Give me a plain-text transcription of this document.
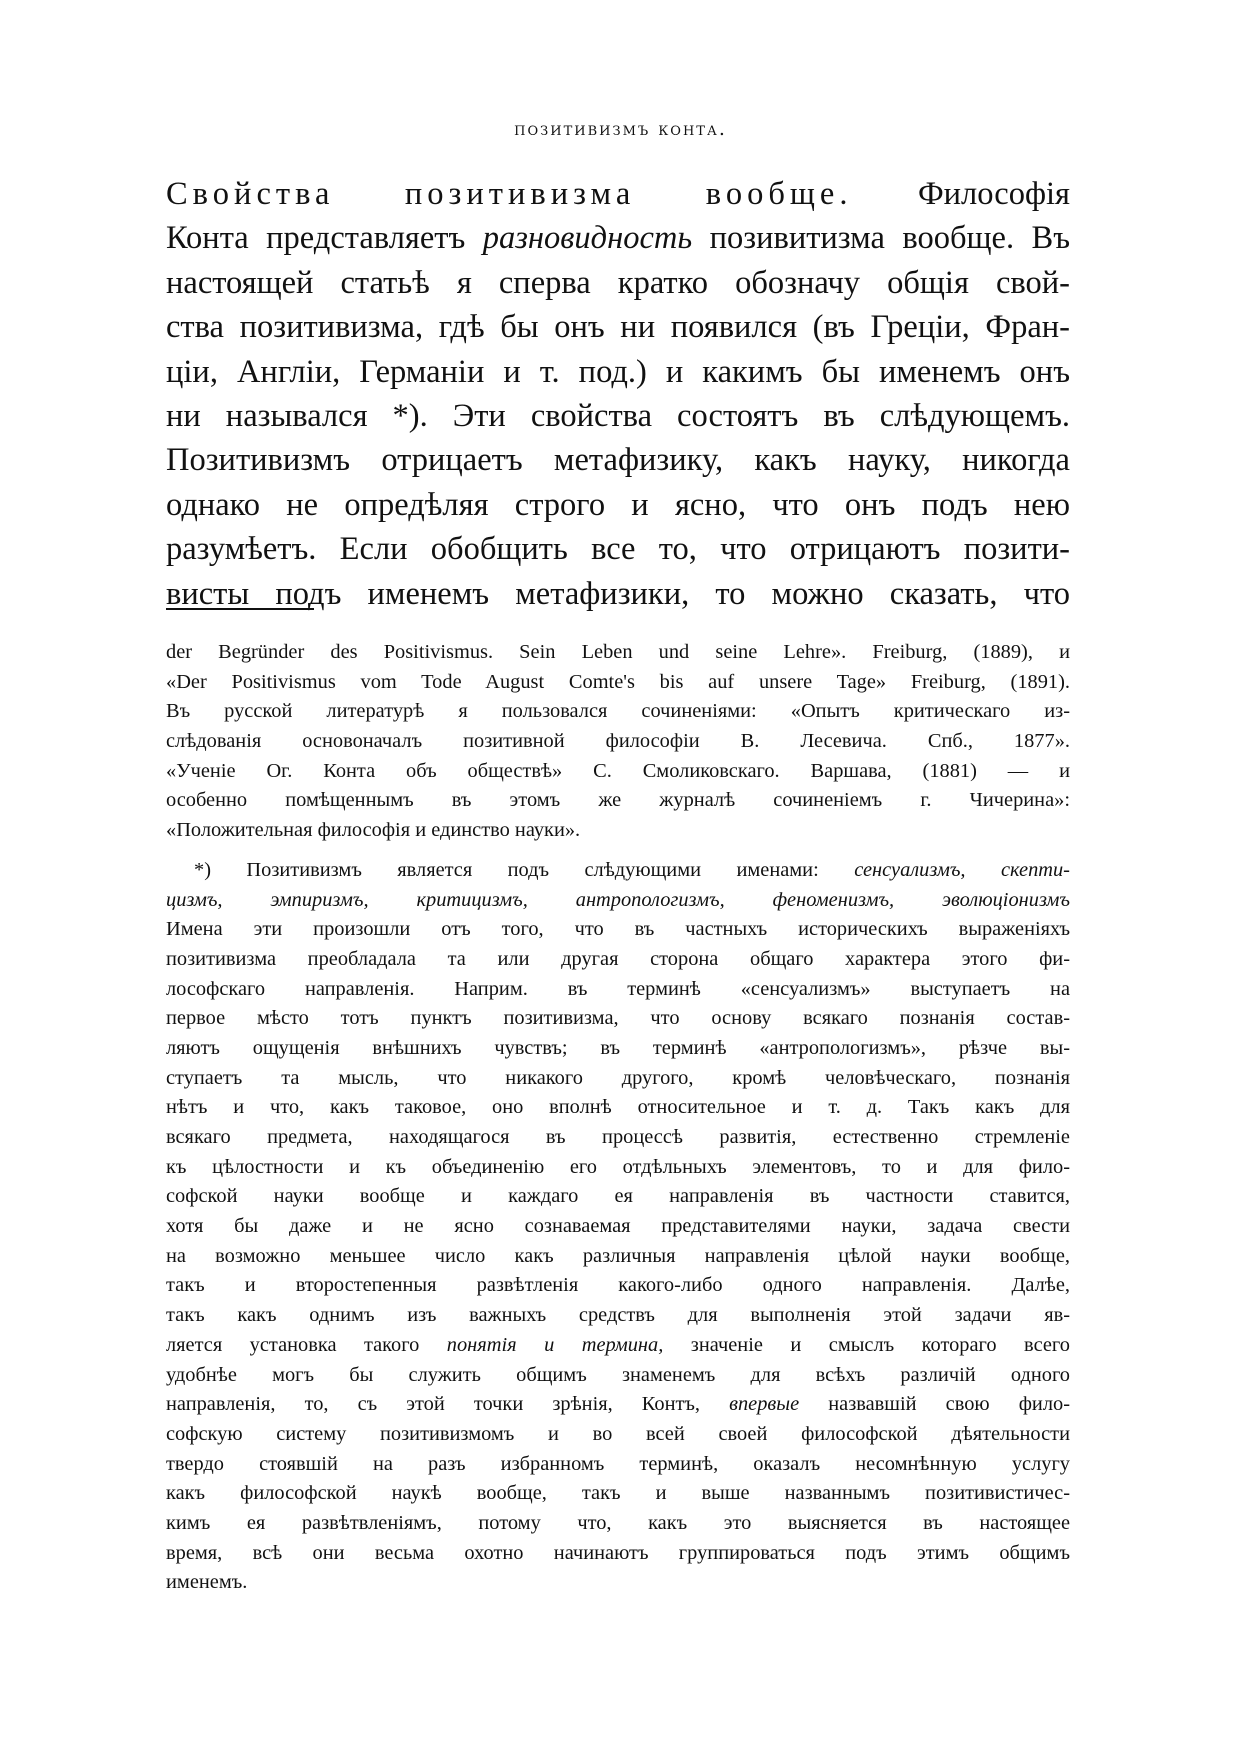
позитивизмъ конта.
Свойства позитивизма вообще. Философія
Конта представляетъ разновидность позивитизма вообще. Въ
настоящей статьѣ я сперва кратко обозначу общія свой-
ства позитивизма, гдѣ бы онъ ни появился (въ Греціи, Фран-
ціи, Англіи, Германіи и т. под.) и какимъ бы именемъ онъ
ни назывался *). Эти свойства состоятъ въ слѣдующемъ.
Позитивизмъ отрицаетъ метафизику, какъ науку, никогда
однако не опредѣляя строго и ясно, что онъ подъ нею
разумѣетъ. Если обобщить все то, что отрицаютъ позити-
висты подъ именемъ метафизики, то можно сказать, что
der Begründer des Positivismus. Sein Leben und seine Lehre». Freiburg, (1889), и
«Der Positivismus vom Tode August Comte's bis auf unsere Tage» Freiburg, (1891).
Въ русской литературѣ я пользовался сочиненіями: «Опытъ критическаго из-
слѣдованія основоначалъ позитивной философіи В. Лесевича. Спб., 1877».
«Ученіе Ог. Конта объ обществѣ» С. Смоликовскаго. Варшава, (1881) — и
особенно помѣщеннымъ въ этомъ же журналѣ сочиненіемъ г. Чичерина»:
«Положительная философія и единство науки».
*) Позитивизмъ является подъ слѣдующими именами: сенсуализмъ, скепти-
цизмъ, эмпиризмъ, критицизмъ, антропологизмъ, феноменизмъ, эволюціонизмъ
Имена эти произошли отъ того, что въ частныхъ историческихъ выраженіяхъ
позитивизма преобладала та или другая сторона общаго характера этого фи-
лософскаго направленія. Наприм. въ терминѣ «сенсуализмъ» выступаетъ на
первое мѣсто тотъ пунктъ позитивизма, что основу всякаго познанія состав-
ляютъ ощущенія внѣшнихъ чувствъ; въ терминѣ «антропологизмъ», рѣзче вы-
ступаетъ та мысль, что никакого другого, кромѣ человѣческаго, познанія
нѣтъ и что, какъ таковое, оно вполнѣ относительное и т. д. Такъ какъ для
всякаго предмета, находящагося въ процессѣ развитія, естественно стремленіе
къ цѣлостности и къ объединенію его отдѣльныхъ элементовъ, то и для фило-
софской науки вообще и каждаго ея направленія въ частности ставится,
хотя бы даже и не ясно сознаваемая представителями науки, задача свести
на возможно меньшее число какъ различныя направленія цѣлой науки вообще,
такъ и второстепенныя развѣтленія какого-либо одного направленія. Далѣе,
такъ какъ однимъ изъ важныхъ средствъ для выполненія этой задачи яв-
ляется установка такого понятія и термина, значеніе и смыслъ котораго всего
удобнѣе могъ бы служить общимъ знаменемъ для всѣхъ различій одного
направленія, то, съ этой точки зрѣнія, Контъ, впервые назвавшій свою фило-
софскую систему позитивизмомъ и во всей своей философской дѣятельности
твердо стоявшій на разъ избранномъ терминѣ, оказалъ несомнѣнную услугу
какъ философской наукѣ вообще, такъ и выше названнымъ позитивистичес-
кимъ ея развѣтвленіямъ, потому что, какъ это выясняется въ настоящее
время, всѣ они весьма охотно начинаютъ группироваться подъ этимъ общимъ
именемъ.
